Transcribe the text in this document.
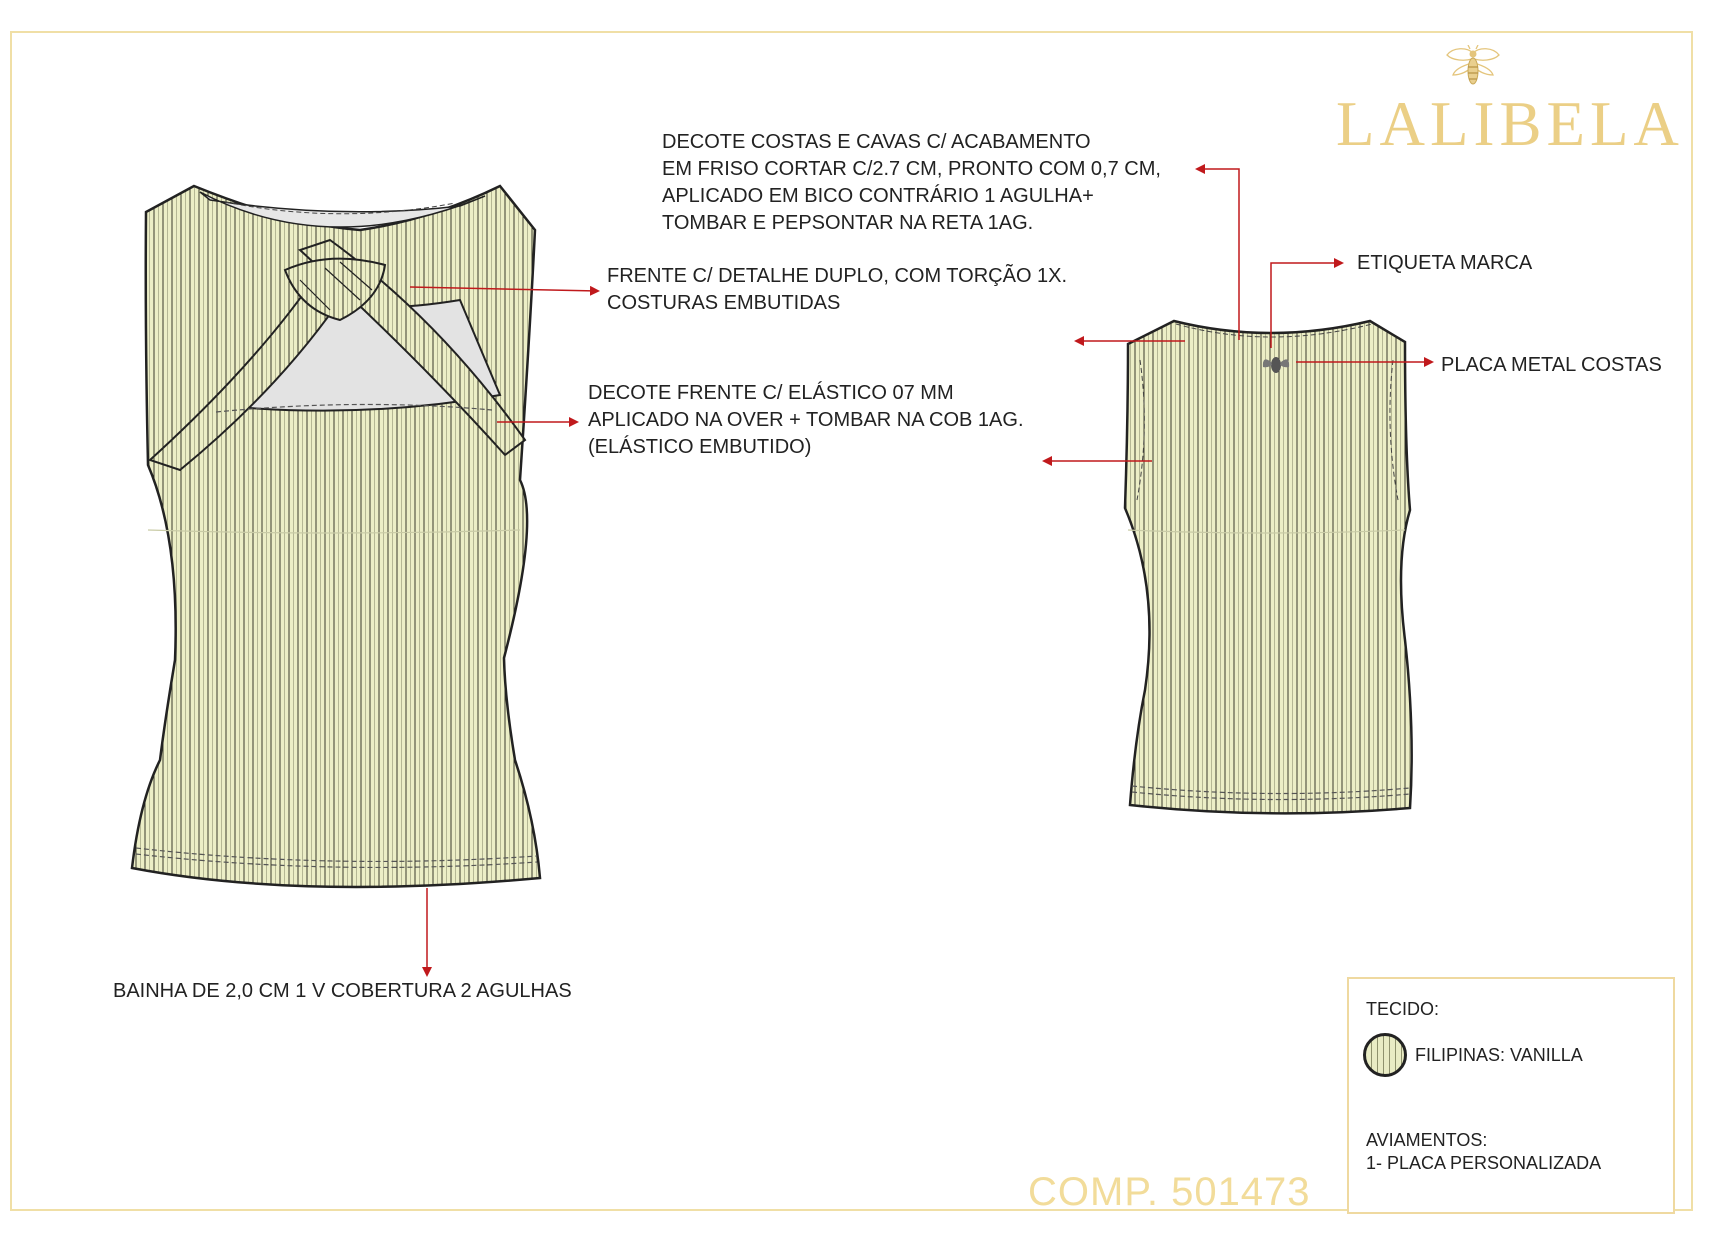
LALIBELA
DECOTE COSTAS E CAVAS C/ ACABAMENTO
EM FRISO CORTAR C/2.7 CM, PRONTO COM 0,7 CM,
APLICADO EM BICO CONTRÁRIO 1 AGULHA+
TOMBAR E PEPSONTAR NA RETA 1AG.
FRENTE C/ DETALHE DUPLO, COM TORÇÃO 1X.
COSTURAS EMBUTIDAS
DECOTE FRENTE C/ ELÁSTICO 07 MM
APLICADO NA OVER + TOMBAR NA COB 1AG.
(ELÁSTICO EMBUTIDO)
ETIQUETA MARCA
PLACA METAL COSTAS
BAINHA DE 2,0 CM 1 V COBERTURA 2 AGULHAS
TECIDO:
FILIPINAS: VANILLA
AVIAMENTOS:
1- PLACA PERSONALIZADA
COMP. 501473
